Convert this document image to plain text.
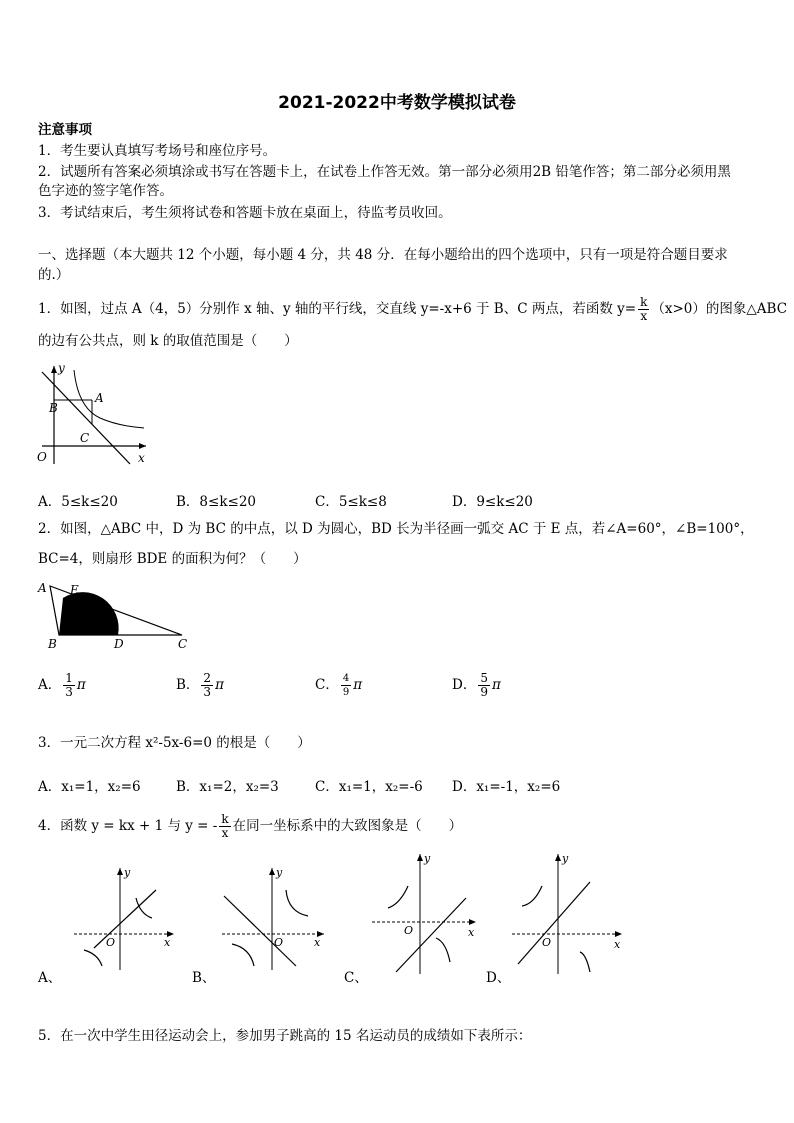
2021-2022中考数学模拟试卷
注意事项
1．考生要认真填写考场号和座位序号。
2．试题所有答案必须填涂或书写在答题卡上，在试卷上作答无效。第一部分必须用2B 铅笔作答；第二部分必须用黑
色字迹的签字笔作答。
3．考试结束后，考生须将试卷和答题卡放在桌面上，待监考员收回。
一、选择题（本大题共 12 个小题，每小题 4 分，共 48 分．在每小题给出的四个选项中，只有一项是符合题目要求
的.）
1．如图，过点 A（4，5）分别作 x 轴、y 轴的平行线，交直线 y=-x+6 于 B、C 两点，若函数 $y= \frac{k}{x} (x>0)$的图象△ABC
的边有公共点，则 k 的取值范围是（　　）
y
A
B
C
O	x
A．5≤k≤20	B．8≤k≤20	C．5≤k≤8	D．9≤k≤20
2．如图，△ABC 中，D 为 BC 的中点，以 D 为圆心，BD 长为半径画一弧交 AC 于 E 点，若∠A=60°，∠B=100°，
BC=4，则扇形 BDE 的面积为何？（　　）
A E
B	D	C
A． $\frac{1}{3}$ π	B． $\frac{2}{3}$ π	C． $\frac{4}{9}$ π	D． $\frac{5}{9}$ π
3．一元二次方程 x²-5x-6=0 的根是（　　）
A．x₁=1，x₂=6	B．x₁=2，x₂=3	C．x₁=1，x₂=-6 D．x₁=-1，x₂=6
4．函数 y = kx + 1 与 y = - $\frac{k}{x}$ 在同一坐标系中的大致图象是（　　）
y
O	x
A、
y
O	x
B、
y
O	x
C、
y
O	x
D、
5．在一次中学生田径运动会上，参加男子跳高的 15 名运动员的成绩如下表所示：
